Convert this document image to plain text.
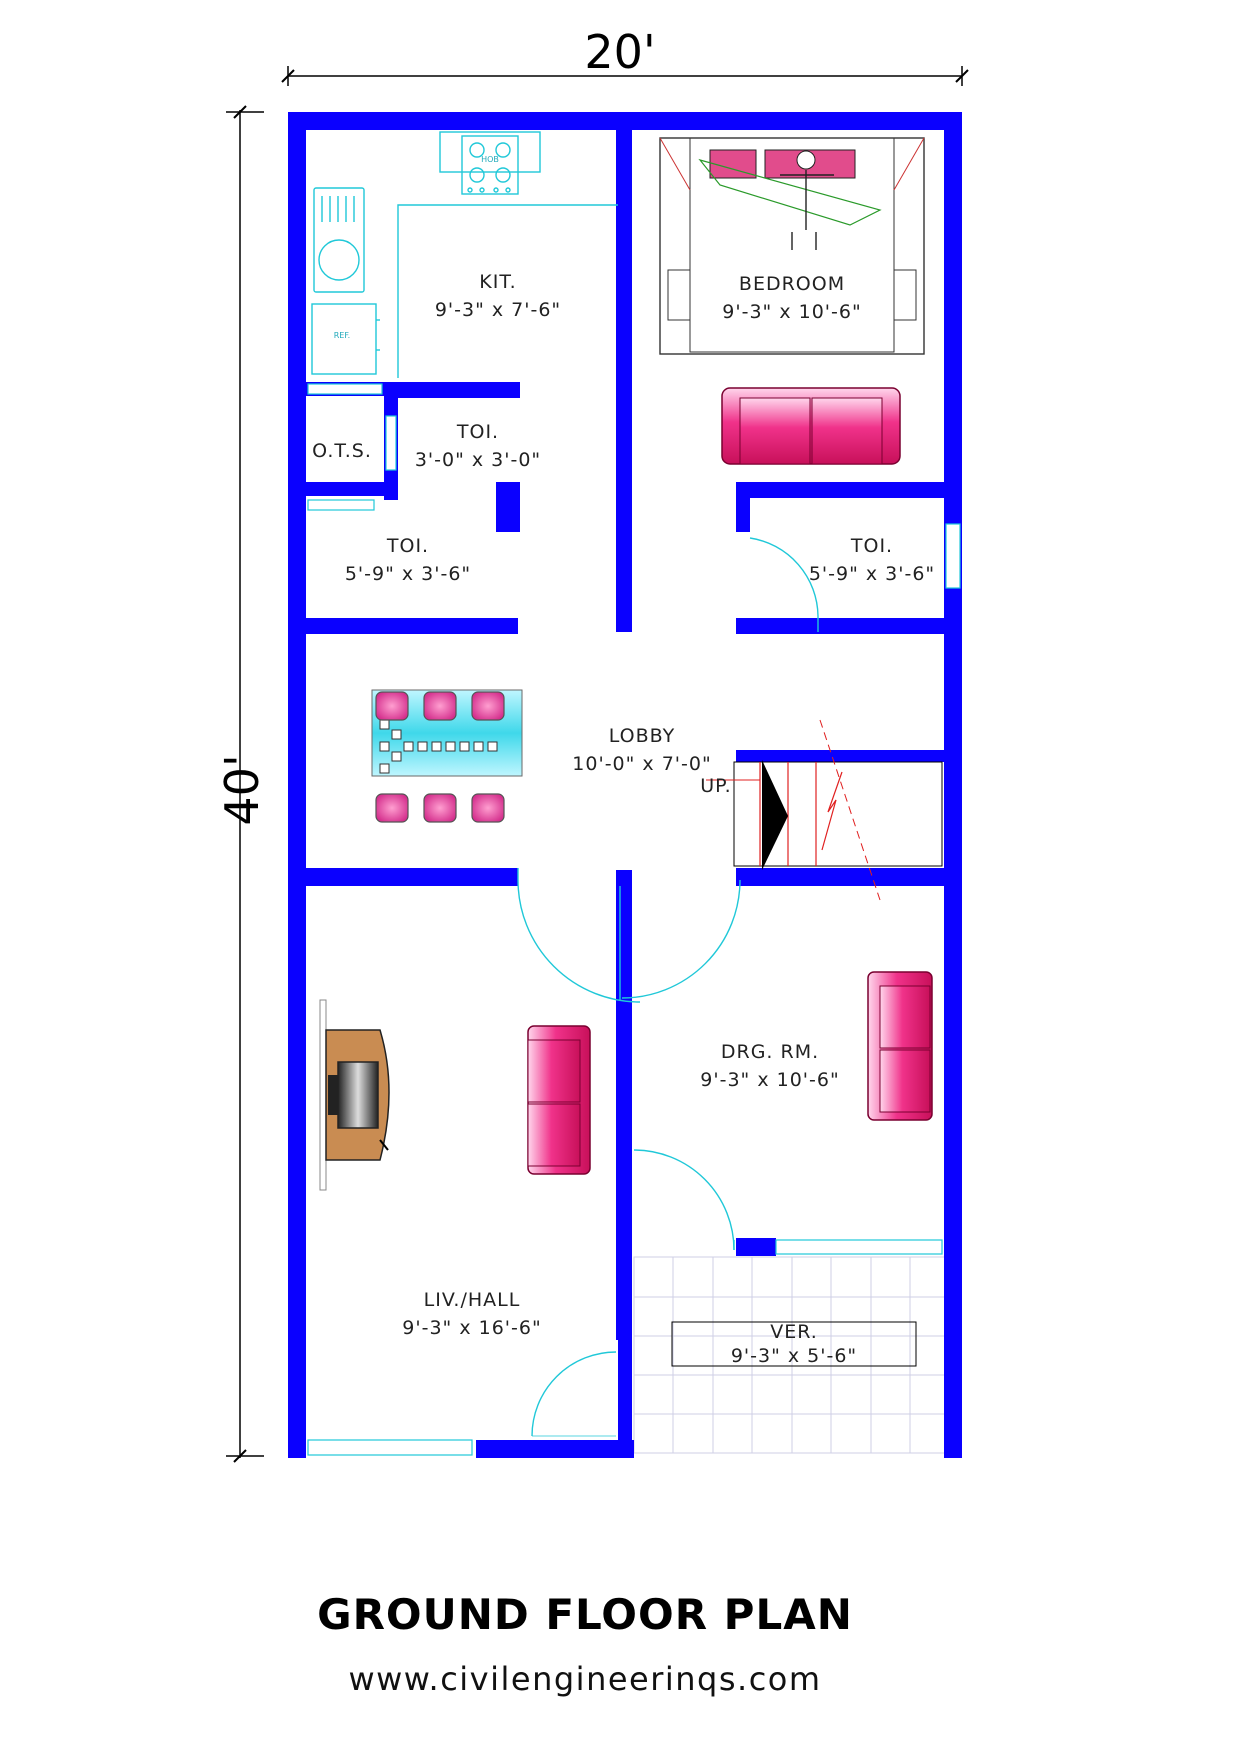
20'
40'
HOB
REF.
KIT.
9'-3" x 7'-6"
BEDROOM
9'-3" x 10'-6"
O.T.S.
TOI.
3'-0" x 3'-0"
TOI.
5'-9" x 3'-6"
TOI.
5'-9" x 3'-6"
LOBBY
10'-0" x 7'-0"
UP.
DRG. RM.
9'-3" x 10'-6"
LIV./HALL
9'-3" x 16'-6"	VER.
9'-3" x 5'-6"
GROUND FLOOR PLAN
www.civilengineerinqs.com
